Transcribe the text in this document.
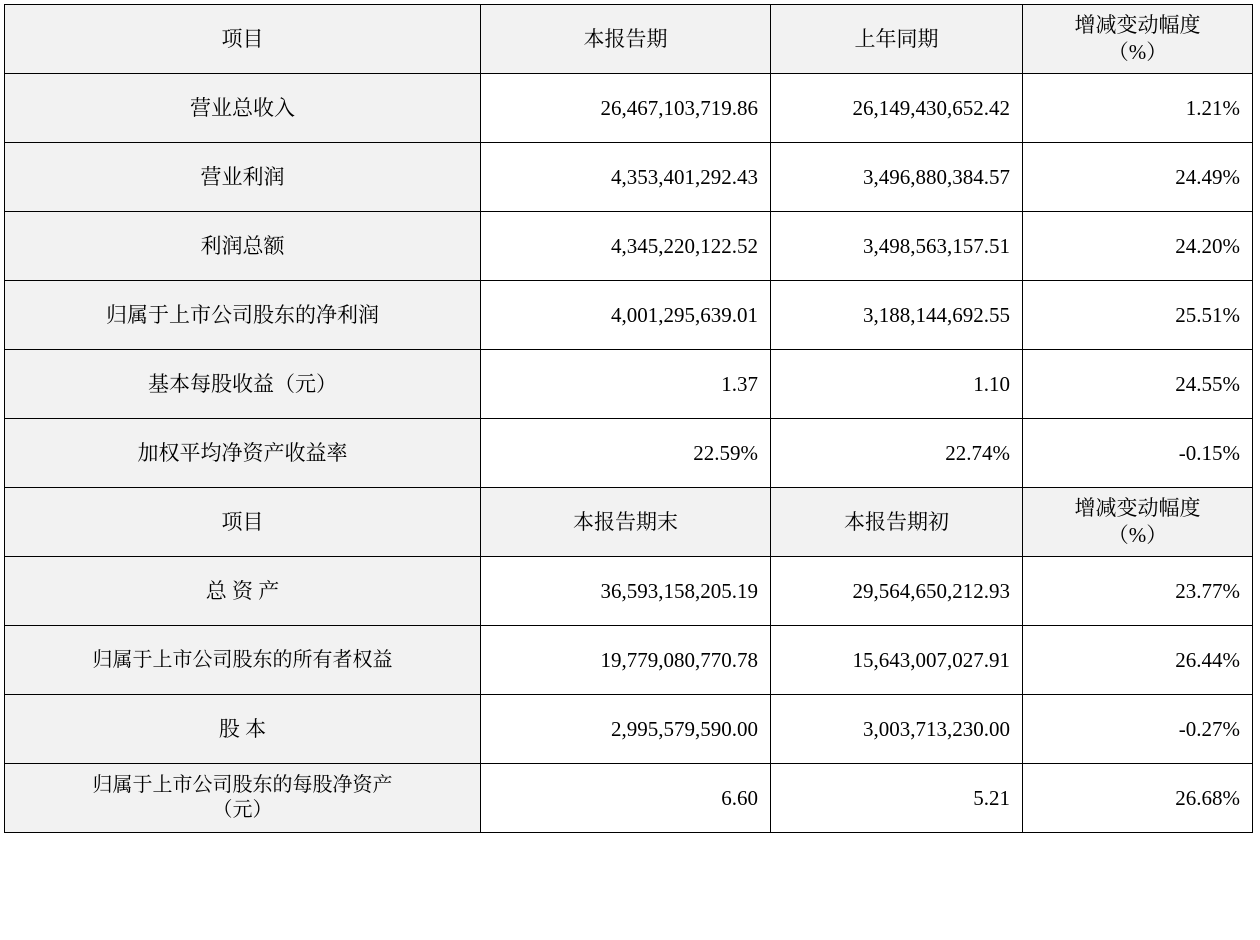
项目	本报告期	上年同期	增减变动幅度
（%）

营业总收入	26,467,103,719.86	26,149,430,652.42	1.21%
营业利润	4,353,401,292.43	3,496,880,384.57	24.49%
利润总额	4,345,220,122.52	3,498,563,157.51	24.20%
归属于上市公司股东的净利润	4,001,295,639.01	3,188,144,692.55	25.51%
基本每股收益（元）	1.37	1.10	24.55%
加权平均净资产收益率	22.59%	22.74%	-0.15%
项目	本报告期末	本报告期初	增减变动幅度
（%）

总 资 产	36,593,158,205.19	29,564,650,212.93	23.77%
归属于上市公司股东的所有者权益	19,779,080,770.78	15,643,007,027.91	26.44%
股 本	2,995,579,590.00	3,003,713,230.00	-0.27%

归属于上市公司股东的每股净资产
（元）	6.60	5.21	26.68%
